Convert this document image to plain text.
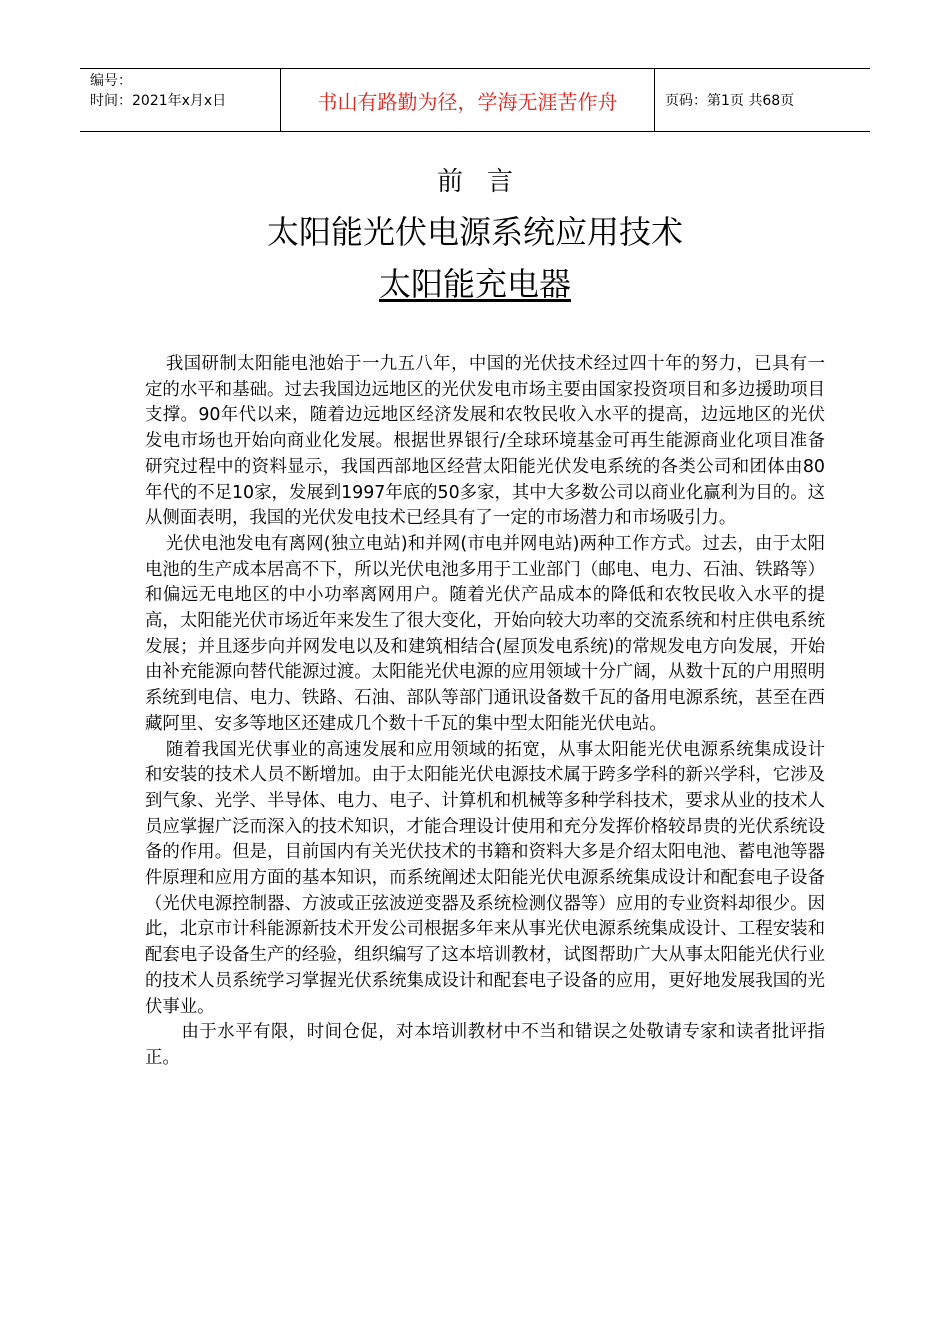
编号：
时间：2021年x月x日	书山有路勤为径，学海无涯苦作舟	页码：第1页 共68页
前言
太阳能光伏电源系统应用技术
太阳能充电器

我国研制太阳能电池始于一九五八年，中国的光伏技术经过四十年的努力，已具有一定的水平和基础。过去我国边远地区的光伏发电市场主要由国家投资项目和多边援助项目支撑。90年代以来，随着边远地区经济发展和农牧民收入水平的提高，边远地区的光伏发电市场也开始向商业化发展。根据世界银行/全球环境基金可再生能源商业化项目准备研究过程中的资料显示，我国西部地区经营太阳能光伏发电系统的各类公司和团体由80年代的不足10家，发展到1997年底的50多家，其中大多数公司以商业化赢利为目的。这从侧面表明，我国的光伏发电技术已经具有了一定的市场潜力和市场吸引力。

光伏电池发电有离网(独立电站)和并网(市电并网电站)两种工作方式。过去，由于太阳电池的生产成本居高不下，所以光伏电池多用于工业部门（邮电、电力、石油、铁路等）和偏远无电地区的中小功率离网用户。随着光伏产品成本的降低和农牧民收入水平的提高，太阳能光伏市场近年来发生了很大变化，开始向较大功率的交流系统和村庄供电系统发展；并且逐步向并网发电以及和建筑相结合(屋顶发电系统)的常规发电方向发展，开始由补充能源向替代能源过渡。太阳能光伏电源的应用领域十分广阔，从数十瓦的户用照明系统到电信、电力、铁路、石油、部队等部门通讯设备数千瓦的备用电源系统，甚至在西藏阿里、安多等地区还建成几个数十千瓦的集中型太阳能光伏电站。

随着我国光伏事业的高速发展和应用领域的拓宽，从事太阳能光伏电源系统集成设计和安装的技术人员不断增加。由于太阳能光伏电源技术属于跨多学科的新兴学科，它涉及到气象、光学、半导体、电力、电子、计算机和机械等多种学科技术，要求从业的技术人员应掌握广泛而深入的技术知识，才能合理设计使用和充分发挥价格较昂贵的光伏系统设备的作用。但是，目前国内有关光伏技术的书籍和资料大多是介绍太阳电池、蓄电池等器件原理和应用方面的基本知识，而系统阐述太阳能光伏电源系统集成设计和配套电子设备（光伏电源控制器、方波或正弦波逆变器及系统检测仪器等）应用的专业资料却很少。因此，北京市计科能源新技术开发公司根据多年来从事光伏电源系统集成设计、工程安装和配套电子设备生产的经验，组织编写了这本培训教材，试图帮助广大从事太阳能光伏行业的技术人员系统学习掌握光伏系统集成设计和配套电子设备的应用，更好地发展我国的光伏事业。

由于水平有限，时间仓促，对本培训教材中不当和错误之处敬请专家和读者批评指正。
